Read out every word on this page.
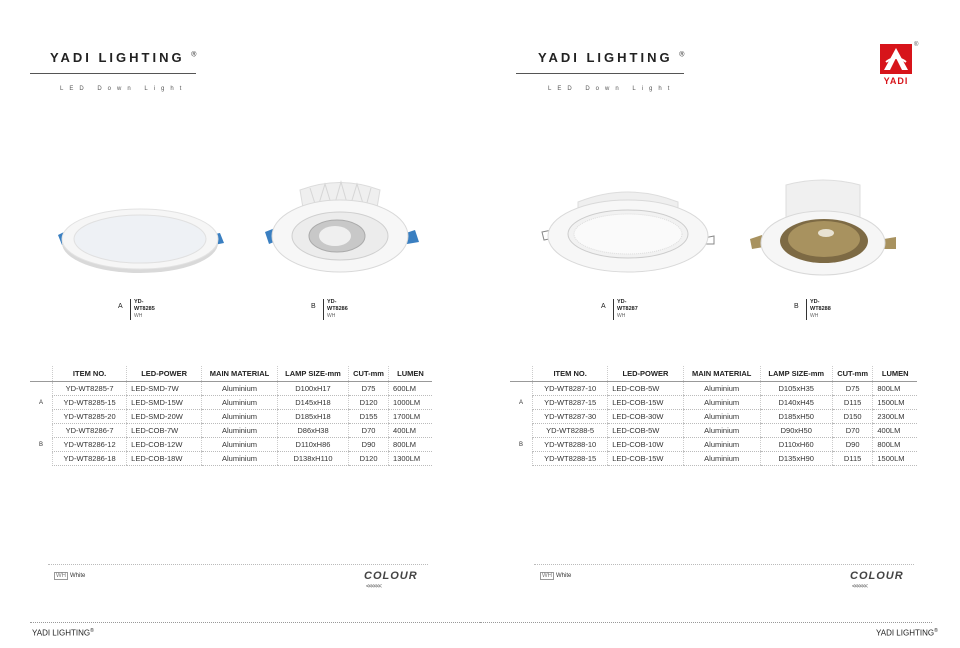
YADI LIGHTING ®
LED Down Light
A
YD-WT8285
WH
B
YD-WT8286
WH
	ITEM NO.	LED-POWER	MAIN MATERIAL	LAMP SIZE-mm	CUT-mm	LUMEN
	YD-WT8285-7	LED-SMD-7W	Aluminium	D100xH17	D75	600LM
A	YD-WT8285-15	LED-SMD-15W	Aluminium	D145xH18	D120	1000LM
	YD-WT8285-20	LED-SMD-20W	Aluminium	D185xH18	D155	1700LM
	YD-WT8286-7	LED-COB-7W	Aluminium	D86xH38	D70	400LM
B	YD-WT8286-12	LED-COB-12W	Aluminium	D110xH86	D90	800LM
	YD-WT8286-18	LED-COB-18W	Aluminium	D138xH110	D120	1300LM
WH White	COLOUR
<<<<<<
YADI LIGHTING®
YADI LIGHTING ®
LED Down Light
A
YD-WT8287
WH
B
YD-WT8288
WH
	ITEM NO.	LED-POWER	MAIN MATERIAL	LAMP SIZE-mm	CUT-mm	LUMEN
	YD-WT8287-10	LED-COB-5W	Aluminium	D105xH35	D75	800LM
A	YD-WT8287-15	LED-COB-15W	Aluminium	D140xH45	D115	1500LM
	YD-WT8287-30	LED-COB-30W	Aluminium	D185xH50	D150	2300LM
	YD-WT8288-5	LED-COB-5W	Aluminium	D90xH50	D70	400LM
B	YD-WT8288-10	LED-COB-10W	Aluminium	D110xH60	D90	800LM
	YD-WT8288-15	LED-COB-15W	Aluminium	D135xH90	D115	1500LM
WH White	COLOUR
<<<<<<
YADI LIGHTING®
YADI
®
